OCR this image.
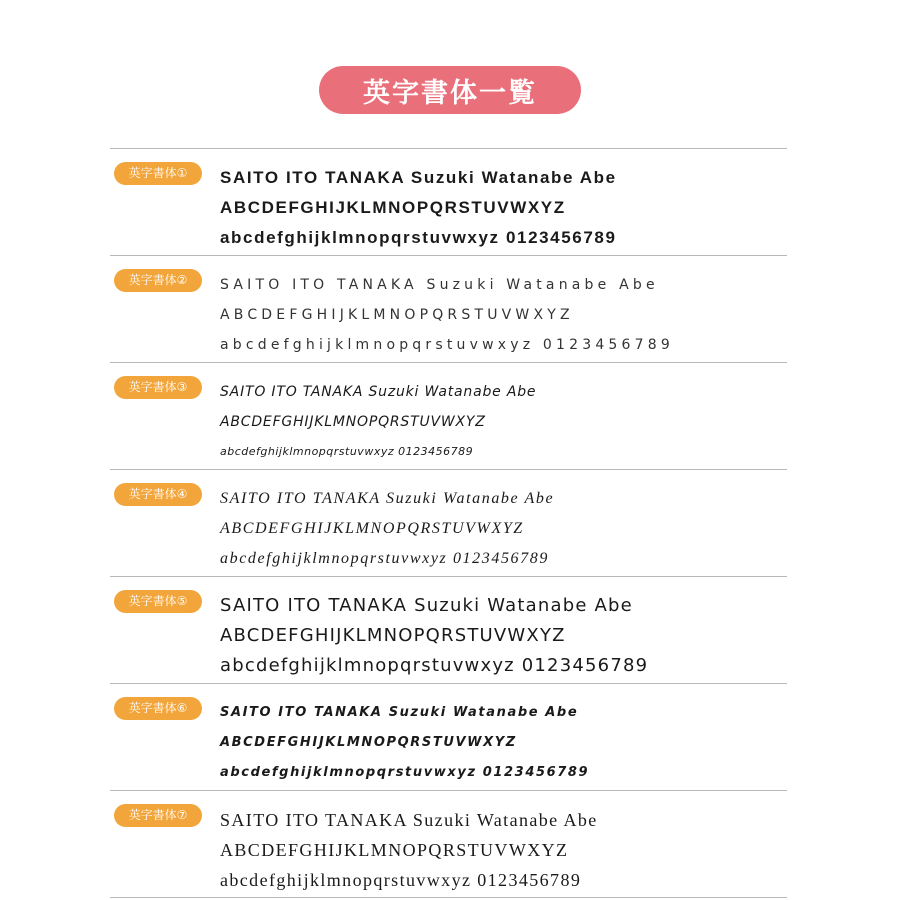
英字書体一覧
英字書体①	SAITO ITO TANAKA Suzuki Watanabe Abe
ABCDEFGHIJKLMNOPQRSTUVWXYZ
abcdefghijklmnopqrstuvwxyz 0123456789
英字書体②	SAITO ITO TANAKA Suzuki Watanabe Abe
ABCDEFGHIJKLMNOPQRSTUVWXYZ
abcdefghijklmnopqrstuvwxyz 0123456789
英字書体③	SAITO ITO TANAKA Suzuki Watanabe Abe
ABCDEFGHIJKLMNOPQRSTUVWXYZ
abcdefghijklmnopqrstuvwxyz 0123456789
英字書体④	SAITO ITO TANAKA Suzuki Watanabe Abe
ABCDEFGHIJKLMNOPQRSTUVWXYZ
abcdefghijklmnopqrstuvwxyz 0123456789
英字書体⑤	SAITO ITO TANAKA Suzuki Watanabe Abe
ABCDEFGHIJKLMNOPQRSTUVWXYZ
abcdefghijklmnopqrstuvwxyz 0123456789
英字書体⑥	SAITO ITO TANAKA Suzuki Watanabe Abe
ABCDEFGHIJKLMNOPQRSTUVWXYZ
abcdefghijklmnopqrstuvwxyz 0123456789
英字書体⑦	SAITO ITO TANAKA Suzuki Watanabe Abe
ABCDEFGHIJKLMNOPQRSTUVWXYZ
abcdefghijklmnopqrstuvwxyz 0123456789
